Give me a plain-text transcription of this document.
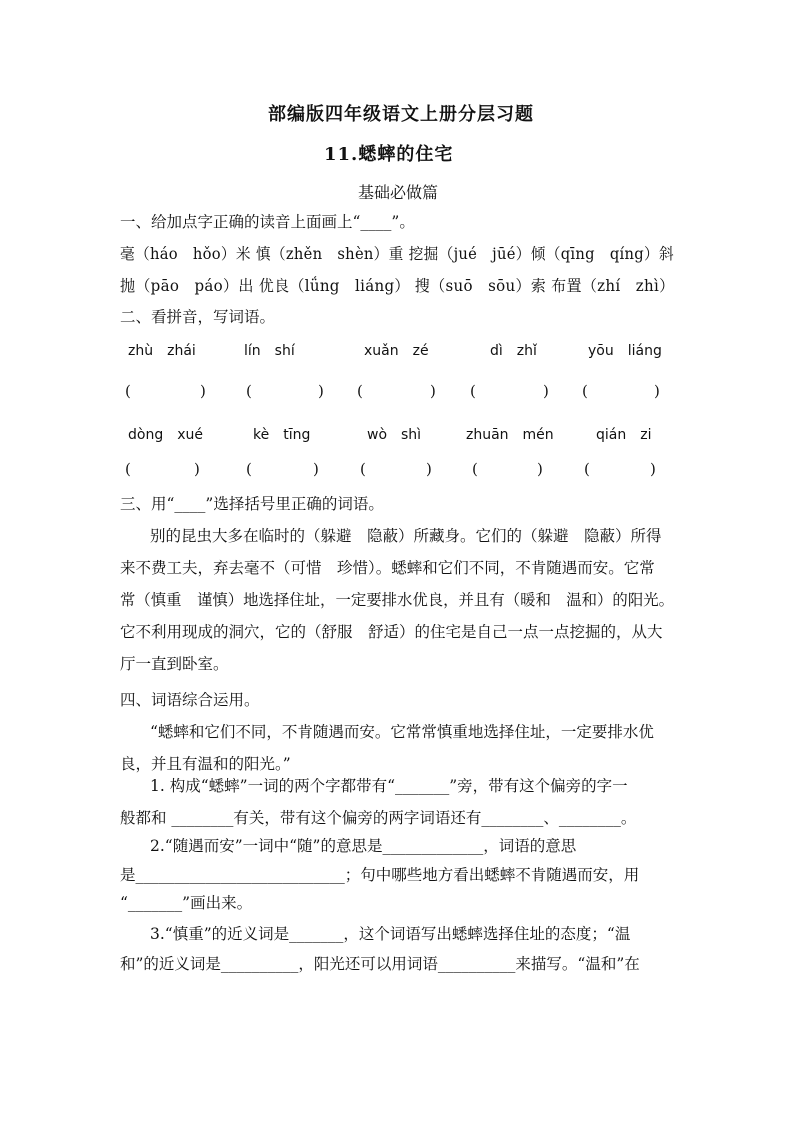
部编版四年级语文上册分层习题
11.蟋蟀的住宅
基础必做篇
一、给加点字正确的读音上面画上“____”。
毫（háo　hǒo）米 慎（zhěn　shèn）重 挖掘（jué　jūé）倾（qīng　qíng）斜
抛（pāo　páo）出 优良（lǘng　liáng） 搜（suō　sōu）索 布置（zhí　zhì）
二、看拼音，写词语。
zhù　zhái	lín　shí	xuǎn　zé	dì　zhǐ	yōu　liáng
(	)	(	) (	) (	) (	)
dòng　xué	kè　tīng	wò　shì	zhuān　mén	qián　zi
(	)	(	)	(	)	(	)	(	)
三、用“____”选择括号里正确的词语。
别的昆虫大多在临时的（躲避　隐蔽）所藏身。它们的（躲避　隐蔽）所得
来不费工夫，弃去毫不（可惜　珍惜）。蟋蟀和它们不同，不肯随遇而安。它常
常（慎重　谨慎）地选择住址，一定要排水优良，并且有（暖和　温和）的阳光。
它不利用现成的洞穴，它的（舒服　舒适）的住宅是自己一点一点挖掘的，从大
厅一直到卧室。
四、词语综合运用。
“蟋蟀和它们不同，不肯随遇而安。它常常慎重地选择住址，一定要排水优
良，并且有温和的阳光。”
1. 构成“蟋蟀”一词的两个字都带有“_______”旁，带有这个偏旁的字一
般都和 ________有关，带有这个偏旁的两字词语还有________、________。
2.“随遇而安”一词中“随”的意思是_____________，词语的意思
是___________________________；句中哪些地方看出蟋蟀不肯随遇而安，用
“_______”画出来。
3.“慎重”的近义词是_______，这个词语写出蟋蟀选择住址的态度；“温
和”的近义词是__________，阳光还可以用词语__________来描写。“温和”在
